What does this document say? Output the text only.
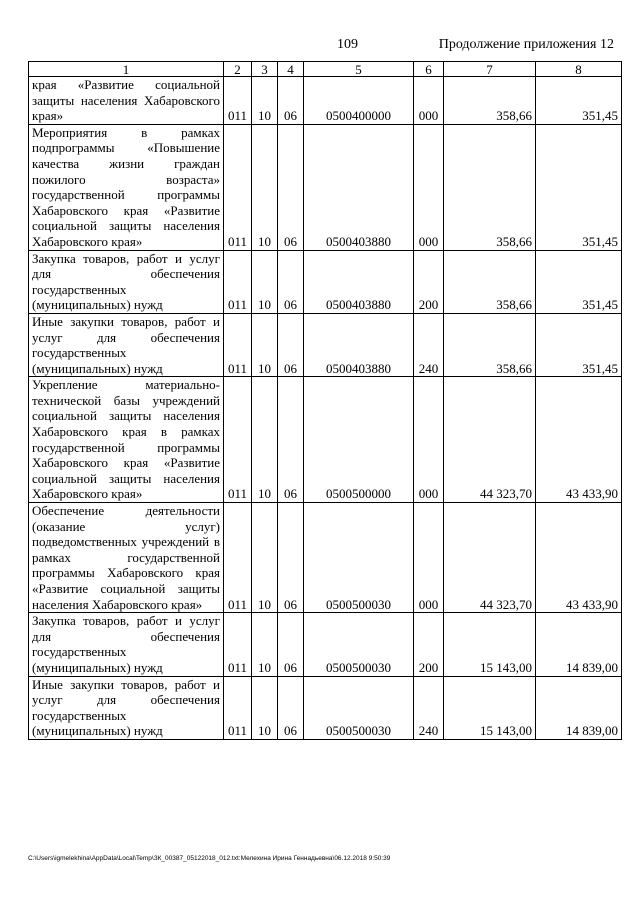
109	Продолжение приложения 12
1	2	3	4	5	6	7	8
края «Развитие социальной защиты населения Хабаровского края»	011	10	06	0500400000	000	358,66	351,45
Мероприятия в рамках подпрограммы «Повышение качества жизни граждан пожилого возраста» государственной программы Хабаровского края «Развитие социальной защиты населения Хабаровского края»	011	10	06	0500403880	000	358,66	351,45
Закупка товаров, работ и услуг для обеспечения государственных (муниципальных) нужд	011	10	06	0500403880	200	358,66	351,45
Иные закупки товаров, работ и услуг для обеспечения государственных (муниципальных) нужд	011	10	06	0500403880	240	358,66	351,45
Укрепление материально-технической базы учреждений социальной защиты населения Хабаровского края в рамках государственной программы Хабаровского края «Развитие социальной защиты населения Хабаровского края»	011	10	06	0500500000	000	44 323,70	43 433,90
Обеспечение деятельности (оказание услуг) подведомственных учреждений в рамках государственной программы Хабаровского края «Развитие социальной защиты населения Хабаровского края»	011	10	06	0500500030	000	44 323,70	43 433,90
Закупка товаров, работ и услуг для обеспечения государственных (муниципальных) нужд	011	10	06	0500500030	200	15 143,00	14 839,00
Иные закупки товаров, работ и услуг для обеспечения государственных (муниципальных) нужд	011	10	06	0500500030	240	15 143,00	14 839,00
C:\Users\igmelekhina\AppData\Local\Temp\ЗК_00387_05122018_012.txt:Мелехина Ирина Геннадьевна\06.12.2018 9:50:39
